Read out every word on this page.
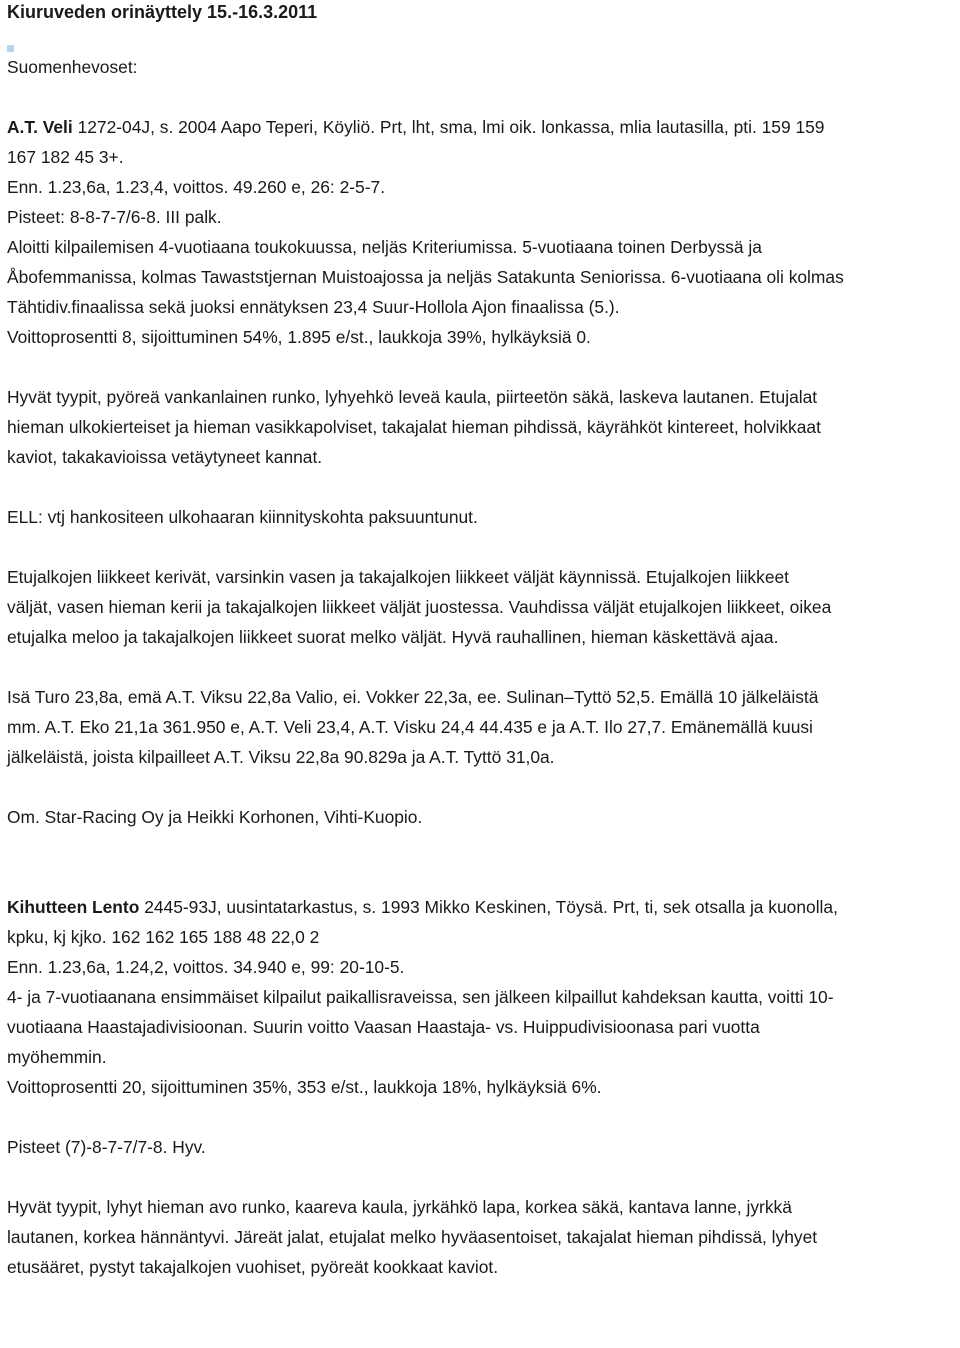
Kiuruveden orinäyttely 15.-16.3.2011
Suomenhevoset:
A.T. Veli 1272-04J, s. 2004 Aapo Teperi, Köyliö. Prt, lht, sma, lmi oik. lonkassa, mlia lautasilla, pti. 159 159
167 182 45 3+.
Enn. 1.23,6a, 1.23,4, voittos. 49.260 e, 26: 2-5-7.
Pisteet: 8-8-7-7/6-8. III palk.
Aloitti kilpailemisen 4-vuotiaana toukokuussa, neljäs Kriteriumissa. 5-vuotiaana toinen Derbyssä ja
Åbofemmanissa, kolmas Tawaststjernan Muistoajossa ja neljäs Satakunta Seniorissa. 6-vuotiaana oli kolmas
Tähtidiv.finaalissa sekä juoksi ennätyksen 23,4 Suur-Hollola Ajon finaalissa (5.).
Voittoprosentti 8, sijoittuminen 54%, 1.895 e/st., laukkoja 39%, hylkäyksiä 0.
Hyvät tyypit, pyöreä vankanlainen runko, lyhyehkö leveä kaula, piirteetön säkä, laskeva lautanen. Etujalat
hieman ulkokierteiset ja hieman vasikkapolviset, takajalat hieman pihdissä, käyrähköt kintereet, holvikkaat
kaviot, takakavioissa vetäytyneet kannat.
ELL: vtj hankositeen ulkohaaran kiinnityskohta paksuuntunut.
Etujalkojen liikkeet kerivät, varsinkin vasen ja takajalkojen liikkeet väljät käynnissä. Etujalkojen liikkeet
väljät, vasen hieman kerii ja takajalkojen liikkeet väljät juostessa. Vauhdissa väljät etujalkojen liikkeet, oikea
etujalka meloo ja takajalkojen liikkeet suorat melko väljät. Hyvä rauhallinen, hieman käskettävä ajaa.
Isä Turo 23,8a, emä A.T. Viksu 22,8a Valio, ei. Vokker 22,3a, ee. Sulinan–Tyttö 52,5. Emällä 10 jälkeläistä
mm. A.T. Eko 21,1a 361.950 e, A.T. Veli 23,4, A.T. Visku 24,4 44.435 e ja A.T. Ilo 27,7. Emänemällä kuusi
jälkeläistä, joista kilpailleet A.T. Viksu 22,8a 90.829a ja A.T. Tyttö 31,0a.
Om. Star-Racing Oy ja Heikki Korhonen, Vihti-Kuopio.
Kihutteen Lento 2445-93J, uusintatarkastus, s. 1993 Mikko Keskinen, Töysä. Prt, ti, sek otsalla ja kuonolla,
kpku, kj kjko. 162 162 165 188 48 22,0 2
Enn. 1.23,6a, 1.24,2, voittos. 34.940 e, 99: 20-10-5.
4- ja 7-vuotiaanana ensimmäiset kilpailut paikallisraveissa, sen jälkeen kilpaillut kahdeksan kautta, voitti 10-
vuotiaana Haastajadivisioonan. Suurin voitto Vaasan Haastaja- vs. Huippudivisioonasa pari vuotta
myöhemmin.
Voittoprosentti 20, sijoittuminen 35%, 353 e/st., laukkoja 18%, hylkäyksiä 6%.
Pisteet (7)-8-7-7/7-8. Hyv.
Hyvät tyypit, lyhyt hieman avo runko, kaareva kaula, jyrkähkö lapa, korkea säkä, kantava lanne, jyrkkä
lautanen, korkea hännäntyvi. Järeät jalat, etujalat melko hyväasentoiset, takajalat hieman pihdissä, lyhyet
etusääret, pystyt takajalkojen vuohiset, pyöreät kookkaat kaviot.
